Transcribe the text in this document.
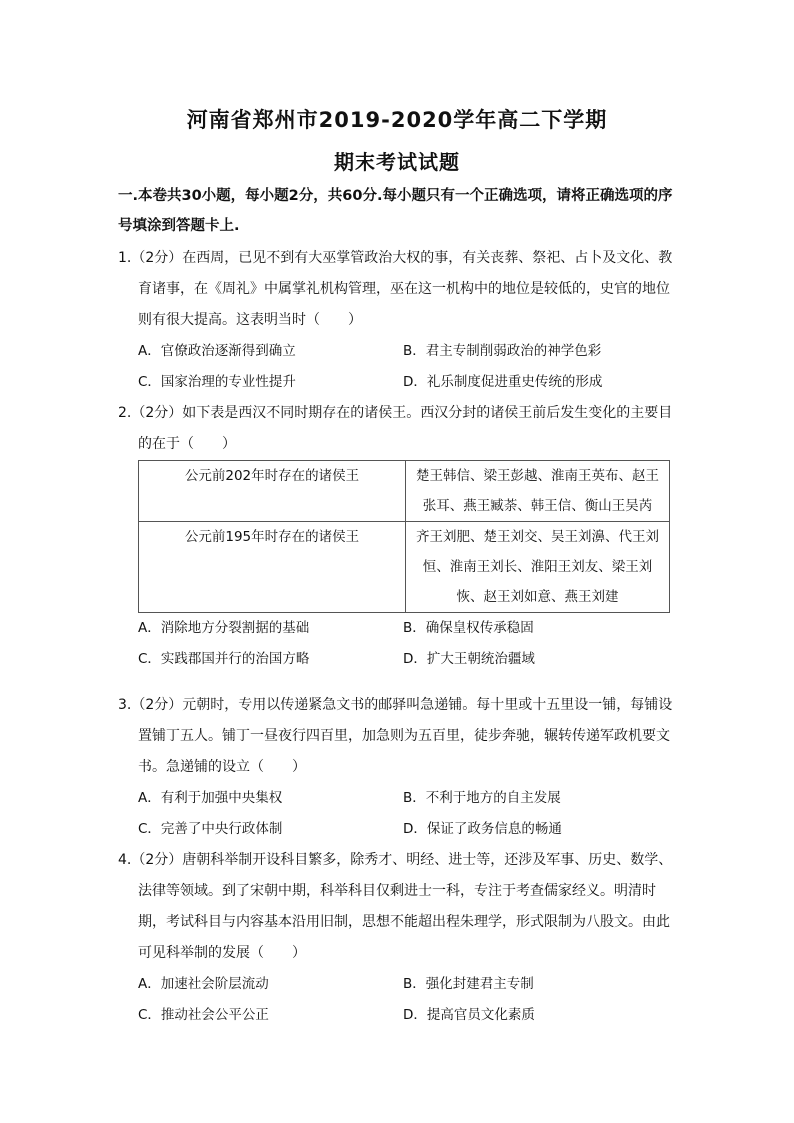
河南省郑州市2019-2020学年高二下学期
期末考试试题
一.本卷共30小题，每小题2分，共60分.每小题只有一个正确选项，请将正确选项的序号填涂到答题卡上.
1.（2分）在西周，已见不到有大巫掌管政治大权的事，有关丧葬、祭祀、占卜及文化、教育诸事，在《周礼》中属掌礼机构管理，巫在这一机构中的地位是较低的，史官的地位则有很大提高。这表明当时（　　）
A．官僚政治逐渐得到确立	B．君主专制削弱政治的神学色彩
C．国家治理的专业性提升	D．礼乐制度促进重史传统的形成
2.（2分）如下表是西汉不同时期存在的诸侯王。西汉分封的诸侯王前后发生变化的主要目的在于（　　）
公元前202年时存在的诸侯王	楚王韩信、梁王彭越、淮南王英布、赵王张耳、燕王臧荼、韩王信、衡山王吴芮
公元前195年时存在的诸侯王	齐王刘肥、楚王刘交、吴王刘濞、代王刘恒、淮南王刘长、淮阳王刘友、梁王刘恢、赵王刘如意、燕王刘建
A．消除地方分裂割据的基础	B．确保皇权传承稳固
C．实践郡国并行的治国方略	D．扩大王朝统治疆域
3.（2分）元朝时，专用以传递紧急文书的邮驿叫急递铺。每十里或十五里设一铺，每铺设置铺丁五人。铺丁一昼夜行四百里，加急则为五百里，徒步奔驰，辗转传递军政机要文书。急递铺的设立（　　）
A．有利于加强中央集权	B．不利于地方的自主发展
C．完善了中央行政体制	D．保证了政务信息的畅通
4.（2分）唐朝科举制开设科目繁多，除秀才、明经、进士等，还涉及军事、历史、数学、法律等领域。到了宋朝中期，科举科目仅剩进士一科，专注于考查儒家经义。明清时期，考试科目与内容基本沿用旧制，思想不能超出程朱理学，形式限制为八股文。由此可见科举制的发展（　　）
A．加速社会阶层流动	B．强化封建君主专制
C．推动社会公平公正	D．提高官员文化素质
